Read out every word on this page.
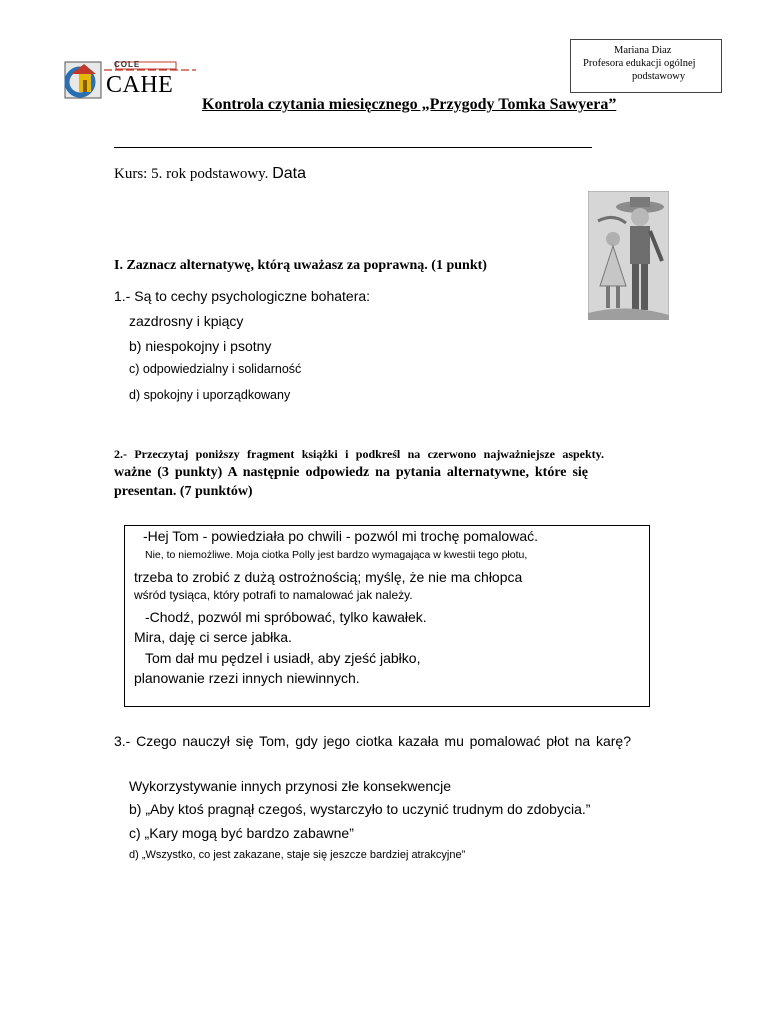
Mariana Diaz
Profesora edukacji ogólnej
podstawowy
COLE
CAHE
Kontrola czytania miesięcznego „Przygody Tomka Sawyera”
Kurs: 5. rok podstawowy. Data
I. Zaznacz alternatywę, którą uważasz za poprawną. (1 punkt)
1.- Są to cechy psychologiczne bohatera:
zazdrosny i kpiący
b) niespokojny i psotny
c) odpowiedzialny i solidarność
d) spokojny i uporządkowany
2.- Przeczytaj poniższy fragment książki i podkreśl na czerwono najważniejsze aspekty.
ważne (3 punkty) A następnie odpowiedz na pytania alternatywne, które się
presentan. (7 punktów)
-Hej Tom - powiedziała po chwili - pozwól mi trochę pomalować.
Nie, to niemożliwe. Moja ciotka Polly jest bardzo wymagająca w kwestii tego płotu,
trzeba to zrobić z dużą ostrożnością; myślę, że nie ma chłopca
wśród tysiąca, który potrafi to namalować jak należy.
-Chodź, pozwól mi spróbować, tylko kawałek.
Mira, daję ci serce jabłka.
Tom dał mu pędzel i usiadł, aby zjeść jabłko,
planowanie rzezi innych niewinnych.
3.- Czego nauczył się Tom, gdy jego ciotka kazała mu pomalować płot na karę?
Wykorzystywanie innych przynosi złe konsekwencje
b) „Aby ktoś pragnął czegoś, wystarczyło to uczynić trudnym do zdobycia.”
c) „Kary mogą być bardzo zabawne”
d) „Wszystko, co jest zakazane, staje się jeszcze bardziej atrakcyjne”
